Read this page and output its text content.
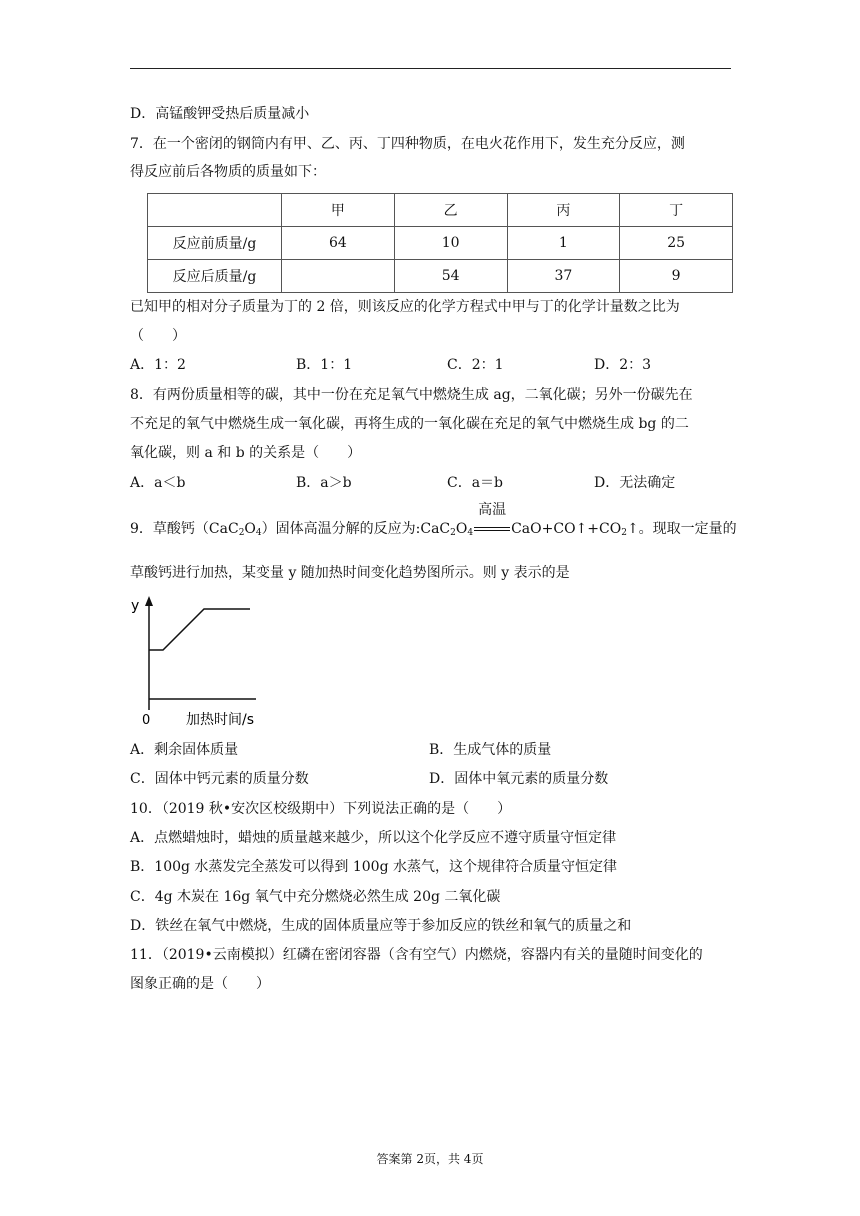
D．高锰酸钾受热后质量减小
7．在一个密闭的钢筒内有甲、乙、丙、丁四种物质，在电火花作用下，发生充分反应，测
得反应前后各物质的质量如下：
	甲	乙	丙	丁
反应前质量/g	64	10	1	25
反应后质量/g		54	37	9
已知甲的相对分子质量为丁的 2 倍，则该反应的化学方程式中甲与丁的化学计量数之比为
（　　）
A．1：2	B．1：1	C．2：1	D．2：3
8．有两份质量相等的碳，其中一份在充足氧气中燃烧生成 ag，二氧化碳；另外一份碳先在
不充足的氧气中燃烧生成一氧化碳，再将生成的一氧化碳在充足的氧气中燃烧生成 bg 的二
氧化碳，则 a 和 b 的关系是（　　）
A．a＜b	B．a＞b	C．a＝b	D．无法确定
9．草酸钙$(CaC_2O_4)$固体高温分解的反应为$:CaC_2O_4$
高温
$CaO+CO↑+CO_2↑$。现取一定量的
草酸钙进行加热，某变量 y 随加热时间变化趋势图所示。则 y 表示的是
y
0	加热时间/s
A．剩余固体质量	B．生成气体的质量
C．固体中钙元素的质量分数	D．固体中氧元素的质量分数
10．（2019 秋•安次区校级期中）下列说法正确的是（　　）
A．点燃蜡烛时，蜡烛的质量越来越少，所以这个化学反应不遵守质量守恒定律
B．100g 水蒸发完全蒸发可以得到 100g 水蒸气，这个规律符合质量守恒定律
C．4g 木炭在 16g 氧气中充分燃烧必然生成 20g 二氧化碳
D．铁丝在氧气中燃烧，生成的固体质量应等于参加反应的铁丝和氧气的质量之和
11．（2019•云南模拟）红磷在密闭容器（含有空气）内燃烧，容器内有关的量随时间变化的
图象正确的是（　　）
答案第 2页，共 4页
